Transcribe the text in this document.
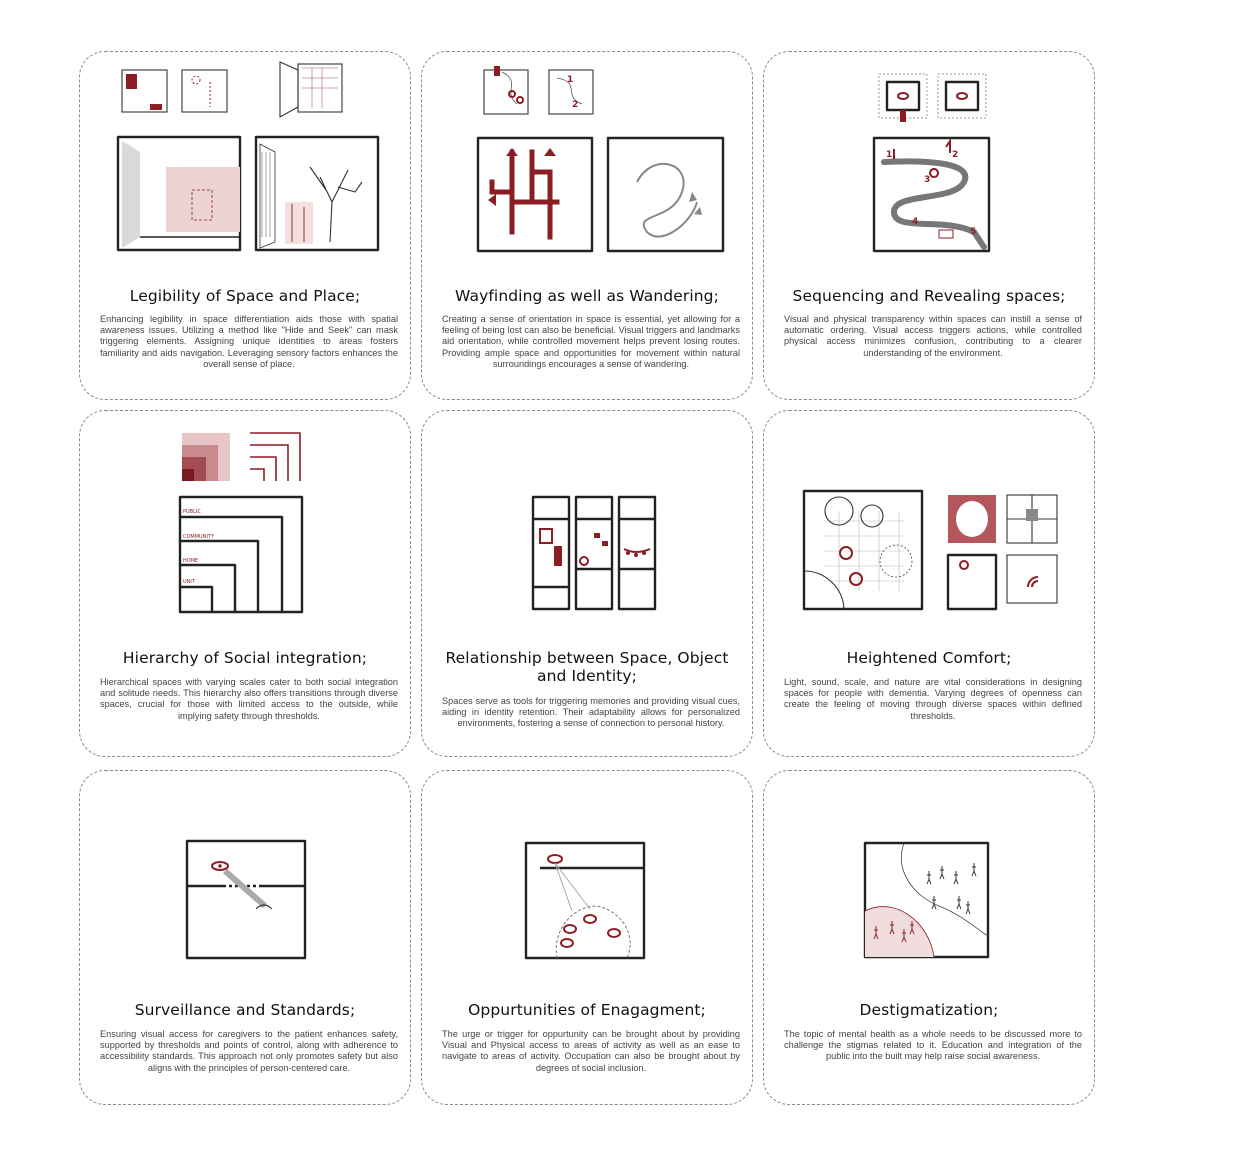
Legibility of Space and Place;

Enhancing legibility in space differentiation aids those with spatial awareness issues. Utilizing a method like "Hide and Seek" can mask triggering elements. Assigning unique identities to areas fosters familiarity and aids navigation. Leveraging sensory factors enhances the overall sense of place.

1
2
Wayfinding as well as Wandering;

Creating a sense of orientation in space is essential, yet allowing for a feeling of being lost can also be beneficial. Visual triggers and landmarks aid orientation, while controlled movement helps prevent losing routes. Providing ample space and opportunities for movement within natural surroundings encourages a sense of wandering.

1	2
3
4
5
Sequencing and Revealing spaces;

Visual and physical transparency within spaces can instill a sense of automatic ordering. Visual access triggers actions, while controlled physical access minimizes confusion, contributing to a clearer understanding of the environment.

PUBLIC
COMMUNITY
HOME
UNIT
Hierarchy of Social integration;

Hierarchical spaces with varying scales cater to both social integration and solitude needs. This hierarchy also offers transitions through diverse spaces, crucial for those with limited access to the outside, while implying safety through thresholds.

Relationship between Space, Object and Identity;

Spaces serve as tools for triggering memories and providing visual cues, aiding in identity retention. Their adaptability allows for personalized environments, fostering a sense of connection to personal history.

Heightened Comfort;

Light, sound, scale, and nature are vital considerations in designing spaces for people with dementia. Varying degrees of openness can create the feeling of moving through diverse spaces within defined thresholds.

Surveillance and Standards;

Ensuring visual access for caregivers to the patient enhances safety, supported by thresholds and points of control, along with adherence to accessibility standards. This approach not only promotes safety but also aligns with the principles of person-centered care.

Oppurtunities of Enagagment;

The urge or trigger for oppurtunity can be brought about by providing Visual and Physical access to areas of activity as well as an ease to navigate to areas of activity. Occupation can also be brought about by degrees of social inclusion.

Destigmatization;

The topic of mental health as a whole needs to be discussed more to challenge the stigmas related to it. Education and integration of the public into the built may help raise social awareness.
